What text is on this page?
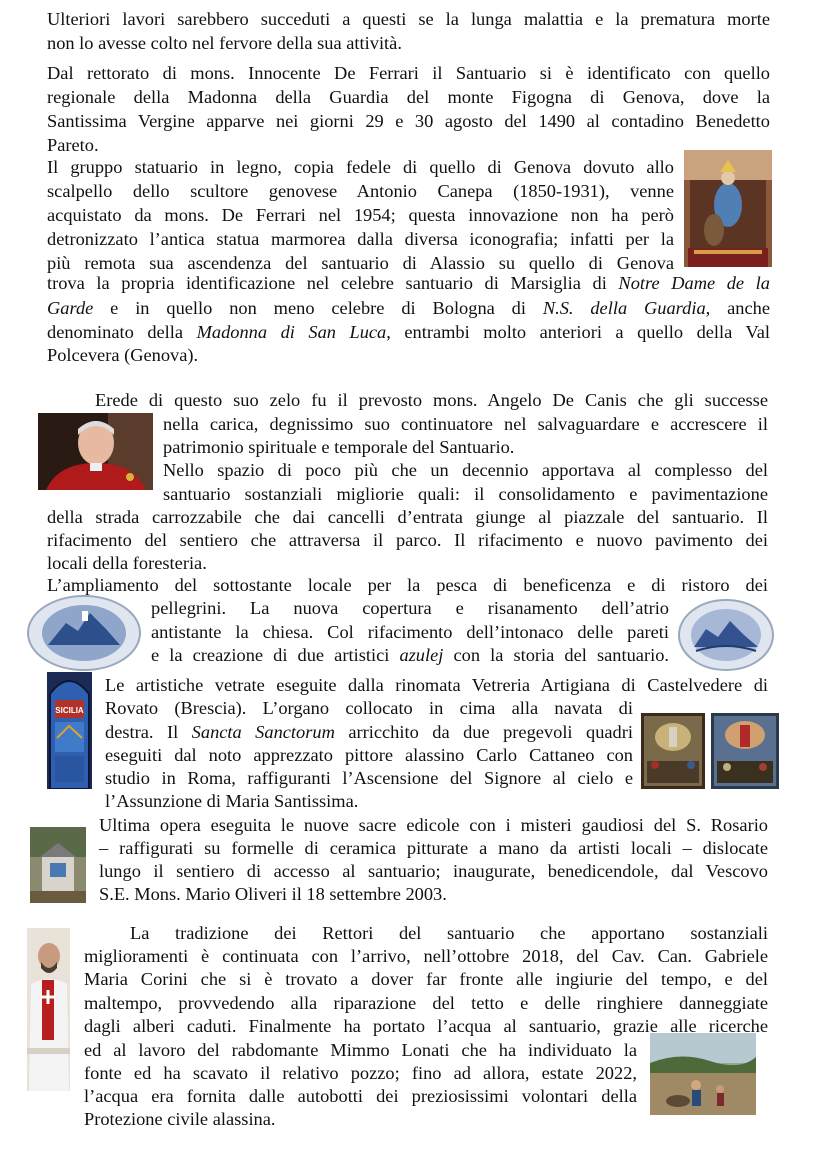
SICILIA
Ulteriori lavori sarebbero succeduti a questi se la lunga malattia e la prematura morte
non lo avesse colto nel fervore della sua attività.
Dal rettorato di mons. Innocente De Ferrari il Santuario si è identificato con quello
regionale della Madonna della Guardia del monte Figogna di Genova, dove la
Santissima Vergine apparve nei giorni 29 e 30 agosto del 1490 al contadino Benedetto
Pareto.
Il gruppo statuario in legno, copia fedele di quello di Genova dovuto allo
scalpello dello scultore genovese Antonio Canepa (1850-1931), venne
acquistato da mons. De Ferrari nel 1954; questa innovazione non ha però
detronizzato l’antica statua marmorea dalla diversa iconografia; infatti per la
più remota sua ascendenza del santuario di Alassio su quello di Genova
trova la propria identificazione nel celebre santuario di Marsiglia di Notre Dame de la
Garde e in quello non meno celebre di Bologna di N.S. della Guardia, anche
denominato della Madonna di San Luca, entrambi molto anteriori a quello della Val
Polcevera (Genova).
Erede di questo suo zelo fu il prevosto mons. Angelo De Canis che gli successe
nella carica, degnissimo suo continuatore nel salvaguardare e accrescere il
patrimonio spirituale e temporale del Santuario.
Nello spazio di poco più che un decennio apportava al complesso del
santuario sostanziali migliorie quali: il consolidamento e pavimentazione
della strada carrozzabile che dai cancelli d’entrata giunge al piazzale del santuario. Il
rifacimento del sentiero che attraversa il parco. Il rifacimento e nuovo pavimento dei
locali della foresteria.
L’ampliamento del sottostante locale per la pesca di beneficenza e di ristoro dei
pellegrini. La nuova copertura e risanamento dell’atrio
antistante la chiesa. Col rifacimento dell’intonaco delle pareti
e la creazione di due artistici azulej con la storia del santuario.
Le artistiche vetrate eseguite dalla rinomata Vetreria Artigiana di Castelvedere di
Rovato (Brescia). L’organo collocato in cima alla navata di
destra. Il Sancta Sanctorum arricchito da due pregevoli quadri
eseguiti dal noto apprezzato pittore alassino Carlo Cattaneo con
studio in Roma, raffiguranti l’Ascensione del Signore al cielo e
l’Assunzione di Maria Santissima.
Ultima opera eseguita le nuove sacre edicole con i misteri gaudiosi del S. Rosario
– raffigurati su formelle di ceramica pitturate a mano da artisti locali – dislocate
lungo il sentiero di accesso al santuario; inaugurate, benedicendole, dal Vescovo
S.E. Mons. Mario Oliveri il 18 settembre 2003.
La tradizione dei Rettori del santuario che apportano sostanziali
miglioramenti è continuata con l’arrivo, nell’ottobre 2018, del Cav. Can. Gabriele
Maria Corini che si è trovato a dover far fronte alle ingiurie del tempo, e del
maltempo, provvedendo alla riparazione del tetto e delle ringhiere danneggiate
dagli alberi caduti. Finalmente ha portato l’acqua al santuario, grazie alle ricerche
ed al lavoro del rabdomante Mimmo Lonati che ha individuato la
fonte ed ha scavato il relativo pozzo; fino ad allora, estate 2022,
l’acqua era fornita dalle autobotti dei preziosissimi volontari della
Protezione civile alassina.
